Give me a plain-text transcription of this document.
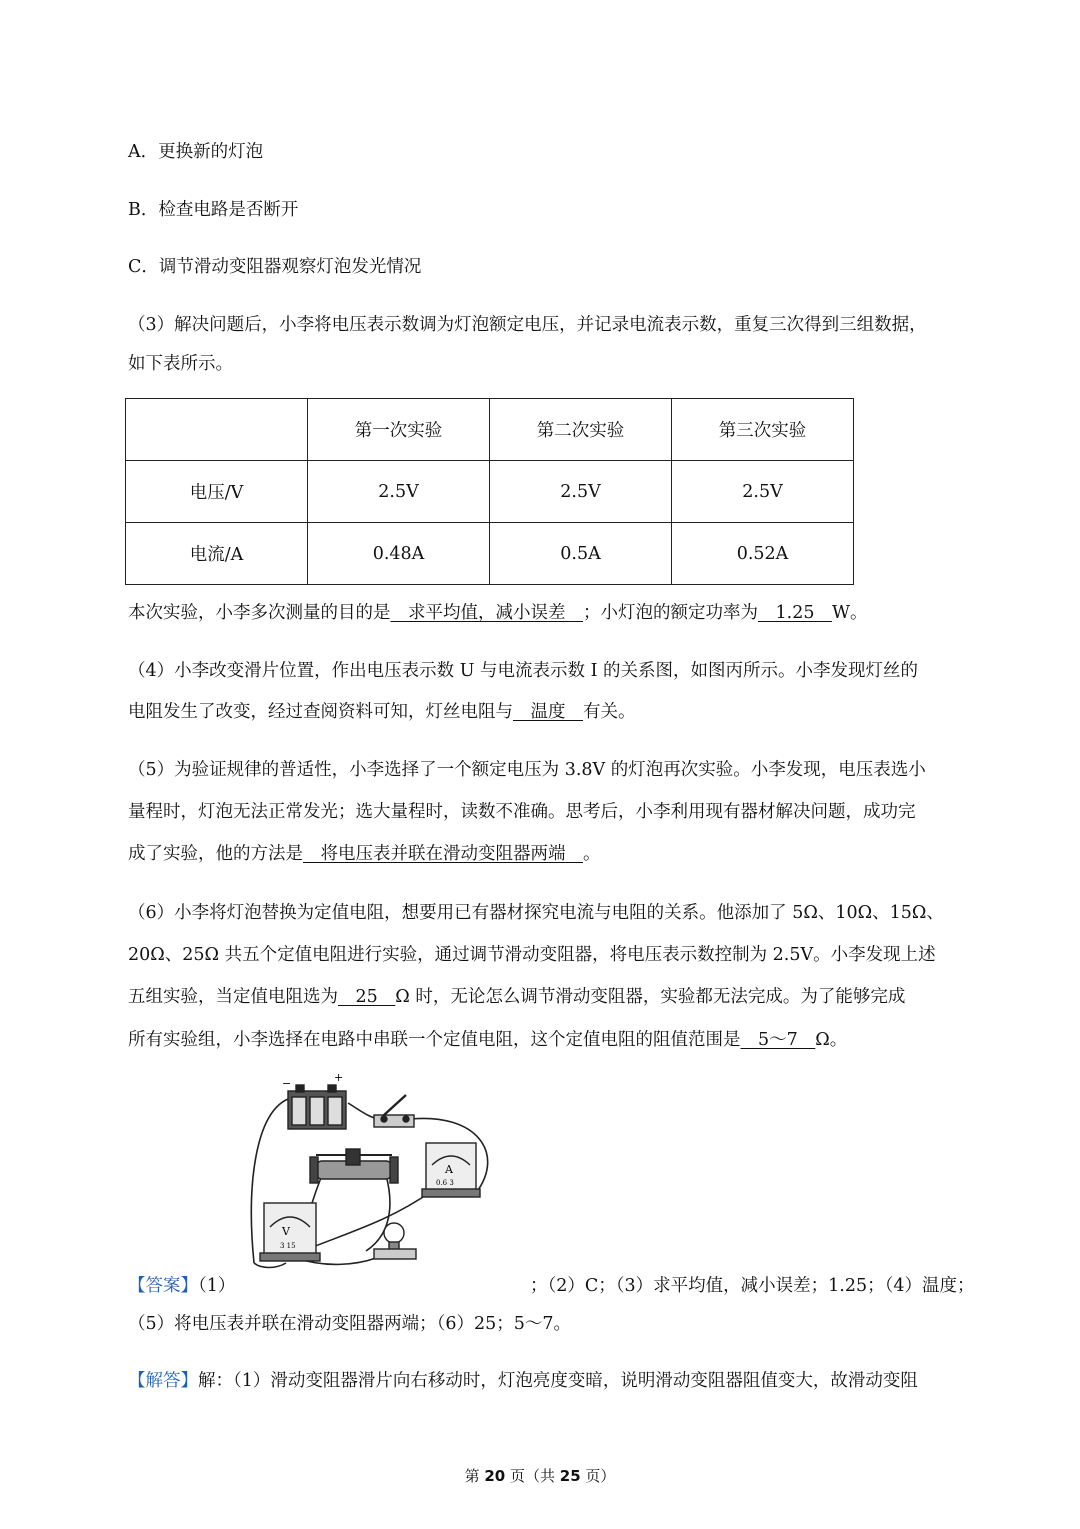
A．更换新的灯泡

B．检查电路是否断开

C．调节滑动变阻器观察灯泡发光情况

（3）解决问题后，小李将电压表示数调为灯泡额定电压，并记录电流表示数，重复三次得到三组数据，

如下表所示。

	第一次实验	第二次实验	第三次实验
电压/V	2.5V	2.5V	2.5V
电流/A	0.48A	0.5A	0.52A

本次实验，小李多次测量的目的是　求平均值，减小误差　；小灯泡的额定功率为　1.25　W。

（4）小李改变滑片位置，作出电压表示数 U 与电流表示数 I 的关系图，如图丙所示。小李发现灯丝的

电阻发生了改变，经过查阅资料可知，灯丝电阻与　温度　有关。

（5）为验证规律的普适性，小李选择了一个额定电压为 3.8V 的灯泡再次实验。小李发现，电压表选小

量程时，灯泡无法正常发光；选大量程时，读数不准确。思考后，小李利用现有器材解决问题，成功完

成了实验，他的方法是　将电压表并联在滑动变阻器两端　。

（6）小李将灯泡替换为定值电阻，想要用已有器材探究电流与电阻的关系。他添加了 5Ω、10Ω、15Ω、

20Ω、25Ω 共五个定值电阻进行实验，通过调节滑动变阻器，将电压表示数控制为 2.5V。小李发现上述

五组实验，当定值电阻选为　25　Ω 时，无论怎么调节滑动变阻器，实验都无法完成。为了能够完成

所有实验组，小李选择在电路中串联一个定值电阻，这个定值电阻的阻值范围是　5～7　Ω。

−	+
A
0.6 3
V
3 15

【答案】（1）	；（2）C；（3）求平均值，减小误差；1.25；（4）温度；

（5）将电压表并联在滑动变阻器两端；（6）25；5～7。

【解答】解：（1）滑动变阻器滑片向右移动时，灯泡亮度变暗，说明滑动变阻器阻值变大，故滑动变阻

第 20 页（共 25 页）
